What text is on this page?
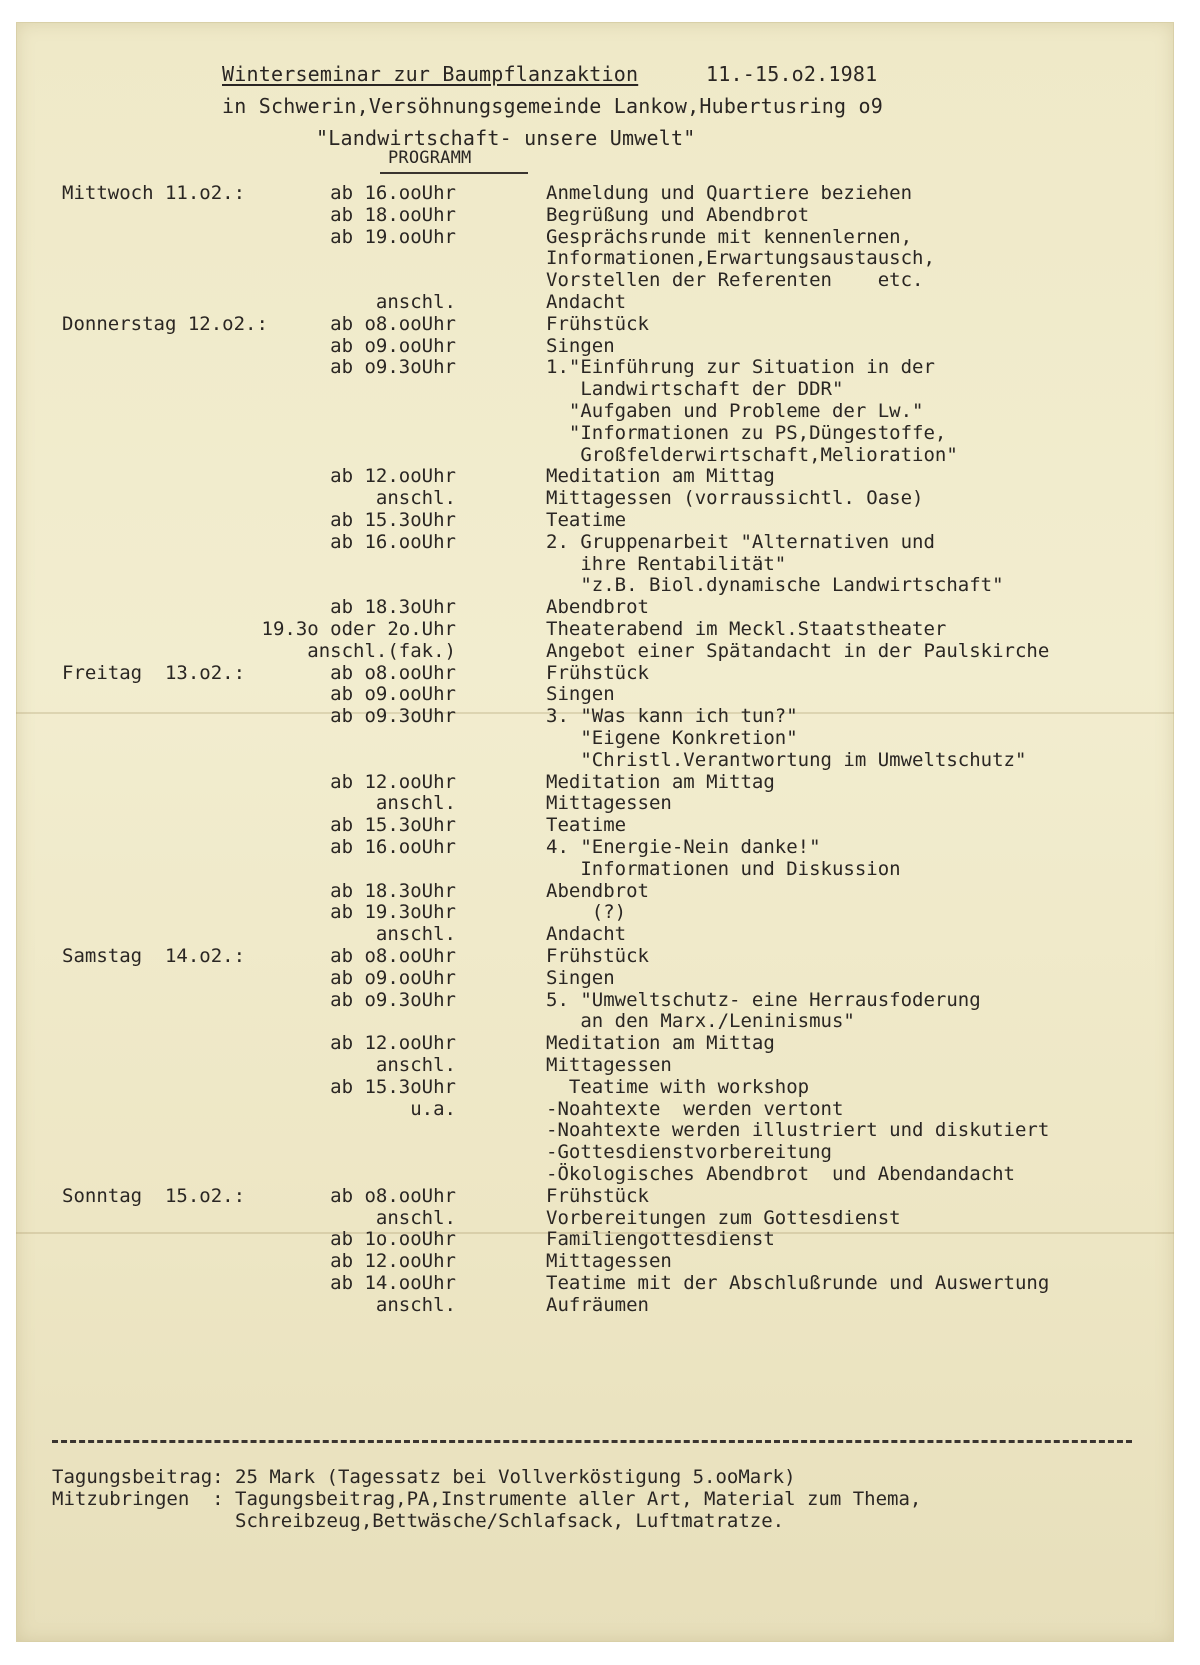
Winterseminar zur Baumpflanzaktion	11.-15.o2.1981
in Schwerin,Versöhnungsgemeinde Lankow,Hubertusring o9
"Landwirtschaft- unsere Umwelt"
PROGRAMM
Mittwoch 11.o2.:	ab 16.ooUhr	Anmeldung und Quartiere beziehen
ab 18.ooUhr	Begrüßung und Abendbrot
ab 19.ooUhr	Gesprächsrunde mit kennenlernen,
Informationen,Erwartungsaustausch,
Vorstellen der Referenten    etc.
anschl.	Andacht
Donnerstag 12.o2.:	ab o8.ooUhr	Frühstück
ab o9.ooUhr	Singen
ab o9.3oUhr	1."Einführung zur Situation in der
Landwirtschaft der DDR"
"Aufgaben und Probleme der Lw."
"Informationen zu PS,Düngestoffe,
Großfelderwirtschaft,Melioration"
ab 12.ooUhr	Meditation am Mittag
anschl.	Mittagessen (vorraussichtl. Oase)
ab 15.3oUhr	Teatime
ab 16.ooUhr	2. Gruppenarbeit "Alternativen und
ihre Rentabilität"
"z.B. Biol.dynamische Landwirtschaft"
ab 18.3oUhr	Abendbrot
19.3o oder 2o.Uhr	Theaterabend im Meckl.Staatstheater
anschl.(fak.)	Angebot einer Spätandacht in der Paulskirche
Freitag  13.o2.:	ab o8.ooUhr	Frühstück
ab o9.ooUhr	Singen
ab o9.3oUhr	3. "Was kann ich tun?"
"Eigene Konkretion"
"Christl.Verantwortung im Umweltschutz"
ab 12.ooUhr	Meditation am Mittag
anschl.	Mittagessen
ab 15.3oUhr	Teatime
ab 16.ooUhr	4. "Energie-Nein danke!"
Informationen und Diskussion
ab 18.3oUhr	Abendbrot
ab 19.3oUhr	(?)
anschl.	Andacht
Samstag  14.o2.:	ab o8.ooUhr	Frühstück
ab o9.ooUhr	Singen
ab o9.3oUhr	5. "Umweltschutz- eine Herrausfoderung
an den Marx./Leninismus"
ab 12.ooUhr	Meditation am Mittag
anschl.	Mittagessen
ab 15.3oUhr	Teatime with workshop
u.a.	-Noahtexte  werden vertont
-Noahtexte werden illustriert und diskutiert
-Gottesdienstvorbereitung
-Ökologisches Abendbrot  und Abendandacht
Sonntag  15.o2.:	ab o8.ooUhr	Frühstück
anschl.	Vorbereitungen zum Gottesdienst
ab 1o.ooUhr	Familiengottesdienst
ab 12.ooUhr	Mittagessen
ab 14.ooUhr	Teatime mit der Abschlußrunde und Auswertung
anschl.	Aufräumen
Tagungsbeitrag: 25 Mark (Tagessatz bei Vollverköstigung 5.ooMark)
Mitzubringen  : Tagungsbeitrag,PA,Instrumente aller Art, Material zum Thema,
Schreibzeug,Bettwäsche/Schlafsack, Luftmatratze.
